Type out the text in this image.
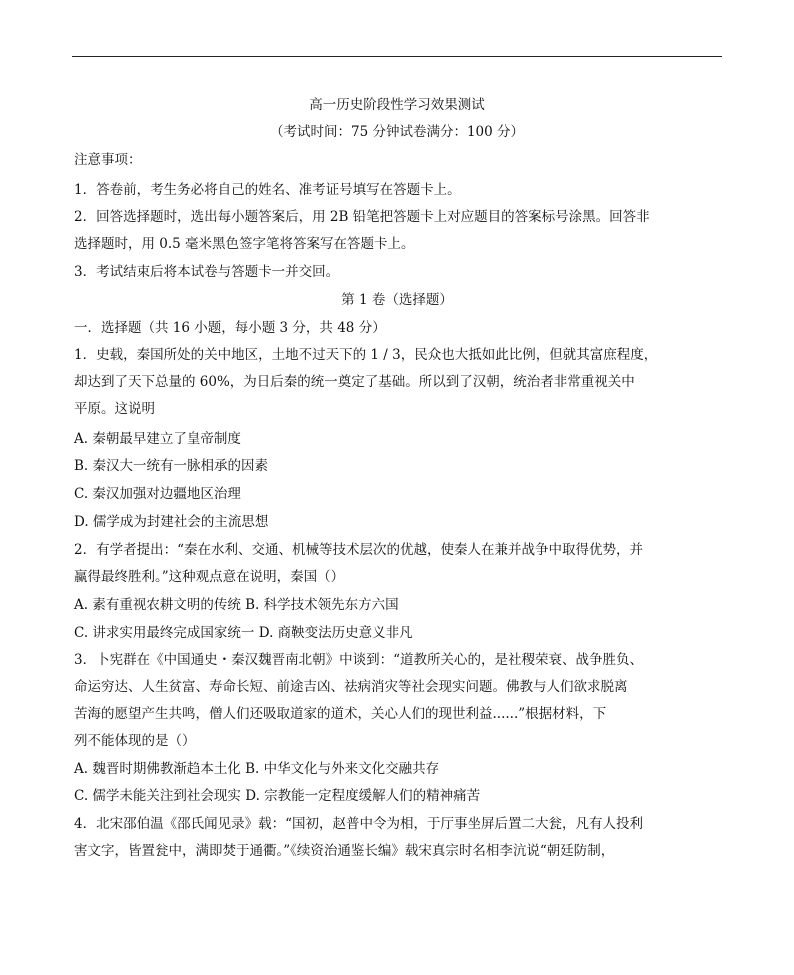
高一历史阶段性学习效果测试
（考试时间：75 分钟试卷满分：100 分）
注意事项：
1．答卷前，考生务必将自己的姓名、准考证号填写在答题卡上。
2．回答选择题时，选出每小题答案后，用 2B 铅笔把答题卡上对应题目的答案标号涂黑。回答非
选择题时，用 0.5 毫米黑色签字笔将答案写在答题卡上。
3．考试结束后将本试卷与答题卡一并交回。
第 1 卷（选择题）
一．选择题（共 16 小题，每小题 3 分，共 48 分）
1．史载，秦国所处的关中地区，土地不过天下的 1 / 3，民众也大抵如此比例，但就其富庶程度，
却达到了天下总量的 60%，为日后秦的统一奠定了基础。所以到了汉朝，统治者非常重视关中
平原。这说明
A. 秦朝最早建立了皇帝制度
B. 秦汉大一统有一脉相承的因素
C. 秦汉加强对边疆地区治理
D. 儒学成为封建社会的主流思想
2．有学者提出：“秦在水利、交通、机械等技术层次的优越，使秦人在兼并战争中取得优势，并
赢得最终胜利。”这种观点意在说明，秦国（）
A. 素有重视农耕文明的传统 B. 科学技术领先东方六国
C. 讲求实用最终完成国家统一 D. 商鞅变法历史意义非凡
3．卜宪群在《中国通史・秦汉魏晋南北朝》中谈到：“道教所关心的，是社稷荣衰、战争胜负、
命运穷达、人生贫富、寿命长短、前途吉凶、祛病消灾等社会现实问题。佛教与人们欲求脱离
苦海的愿望产生共鸣，僧人们还吸取道家的道术，关心人们的现世利益......”根据材料，下
列不能体现的是（）
A. 魏晋时期佛教渐趋本土化 B. 中华文化与外来文化交融共存
C. 儒学未能关注到社会现实 D. 宗教能一定程度缓解人们的精神痛苦
4．北宋邵伯温《邵氏闻见录》载：“国初，赵普中令为相，于厅事坐屏后置二大瓮，凡有人投利
害文字，皆置瓮中，满即焚于通衢。”《续资治通鉴长编》载宋真宗时名相李沆说“朝廷防制，
